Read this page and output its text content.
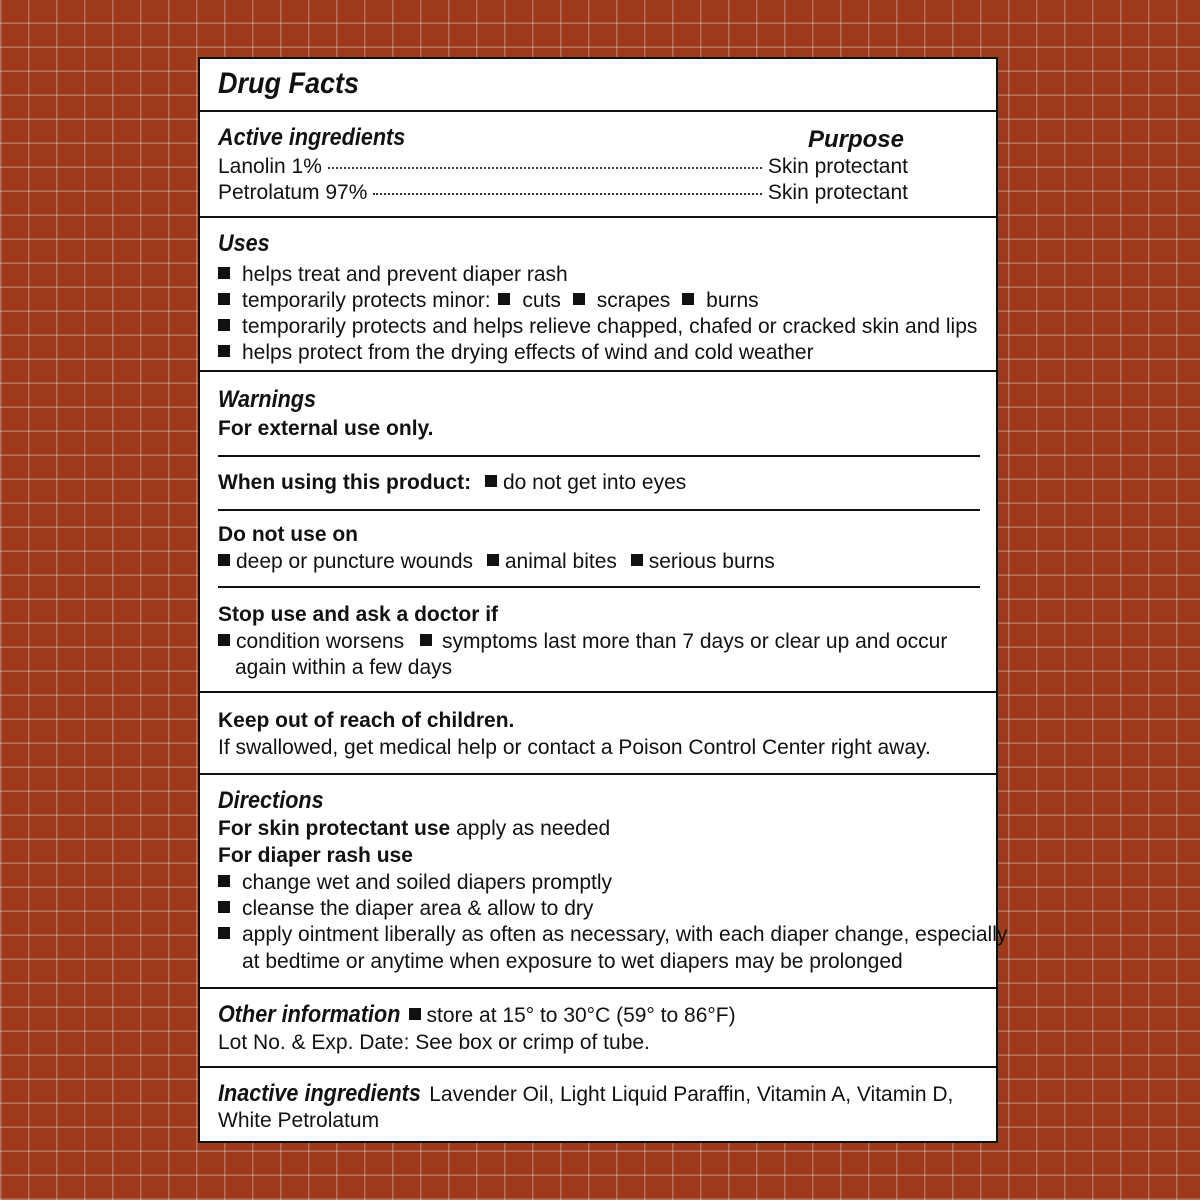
Drug Facts
Active ingredients	Purpose
Lanolin 1%	Skin protectant
Petrolatum 97%	Skin protectant
Uses
helps treat and prevent diaper rash
temporarily protects minor: cuts scrapes burns
temporarily protects and helps relieve chapped, chafed or cracked skin and lips
helps protect from the drying effects of wind and cold weather
Warnings
For external use only.
When using this product: do not get into eyes
Do not use on
deep or puncture wounds animal bites serious burns
Stop use and ask a doctor if
condition worsens symptoms last more than 7 days or clear up and occur
again within a few days
Keep out of reach of children.
If swallowed, get medical help or contact a Poison Control Center right away.
Directions
For skin protectant use apply as needed
For diaper rash use
change wet and soiled diapers promptly
cleanse the diaper area & allow to dry
apply ointment liberally as often as necessary, with each diaper change, especially
at bedtime or anytime when exposure to wet diapers may be prolonged
Other information store at 15° to 30°C (59° to 86°F)
Lot No. & Exp. Date: See box or crimp of tube.
Inactive ingredients Lavender Oil, Light Liquid Paraffin, Vitamin A, Vitamin D,
White Petrolatum
